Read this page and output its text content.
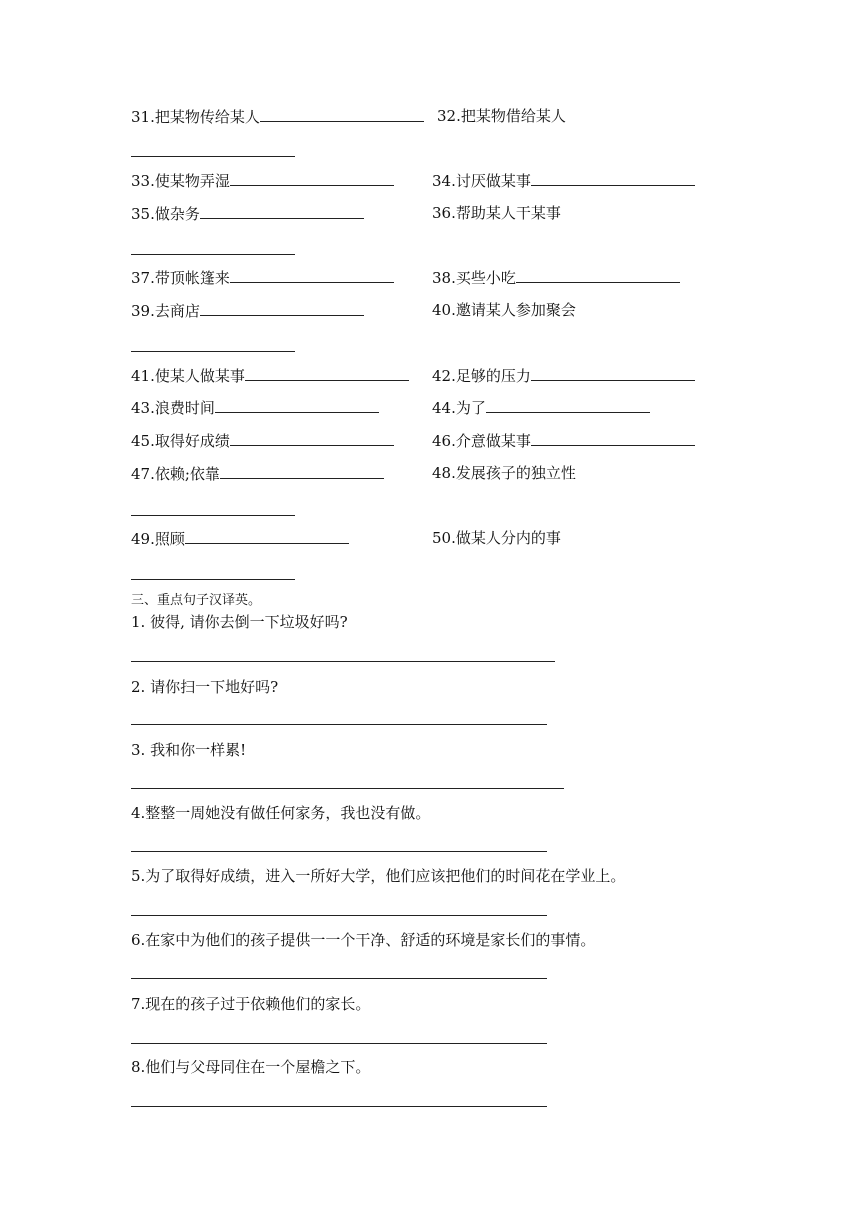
31.把某物传给某人	32.把某物借给某人
33.使某物弄湿	34.讨厌做某事
35.做杂务	36.帮助某人干某事
37.带顶帐篷来	38.买些小吃
39.去商店	40.邀请某人参加聚会
41.使某人做某事	42.足够的压力
43.浪费时间	44.为了
45.取得好成绩	46.介意做某事
47.依赖;依靠	48.发展孩子的独立性
49.照顾	50.做某人分内的事
三、重点句子汉译英。
1. 彼得, 请你去倒一下垃圾好吗?
2. 请你扫一下地好吗?
3. 我和你一样累!
4.整整一周她没有做任何家务，我也没有做。
5.为了取得好成绩，进入一所好大学，他们应该把他们的时间花在学业上。
6.在家中为他们的孩子提供一一个干净、舒适的环境是家长们的事情。
7.现在的孩子过于依赖他们的家长。
8.他们与父母同住在一个屋檐之下。
